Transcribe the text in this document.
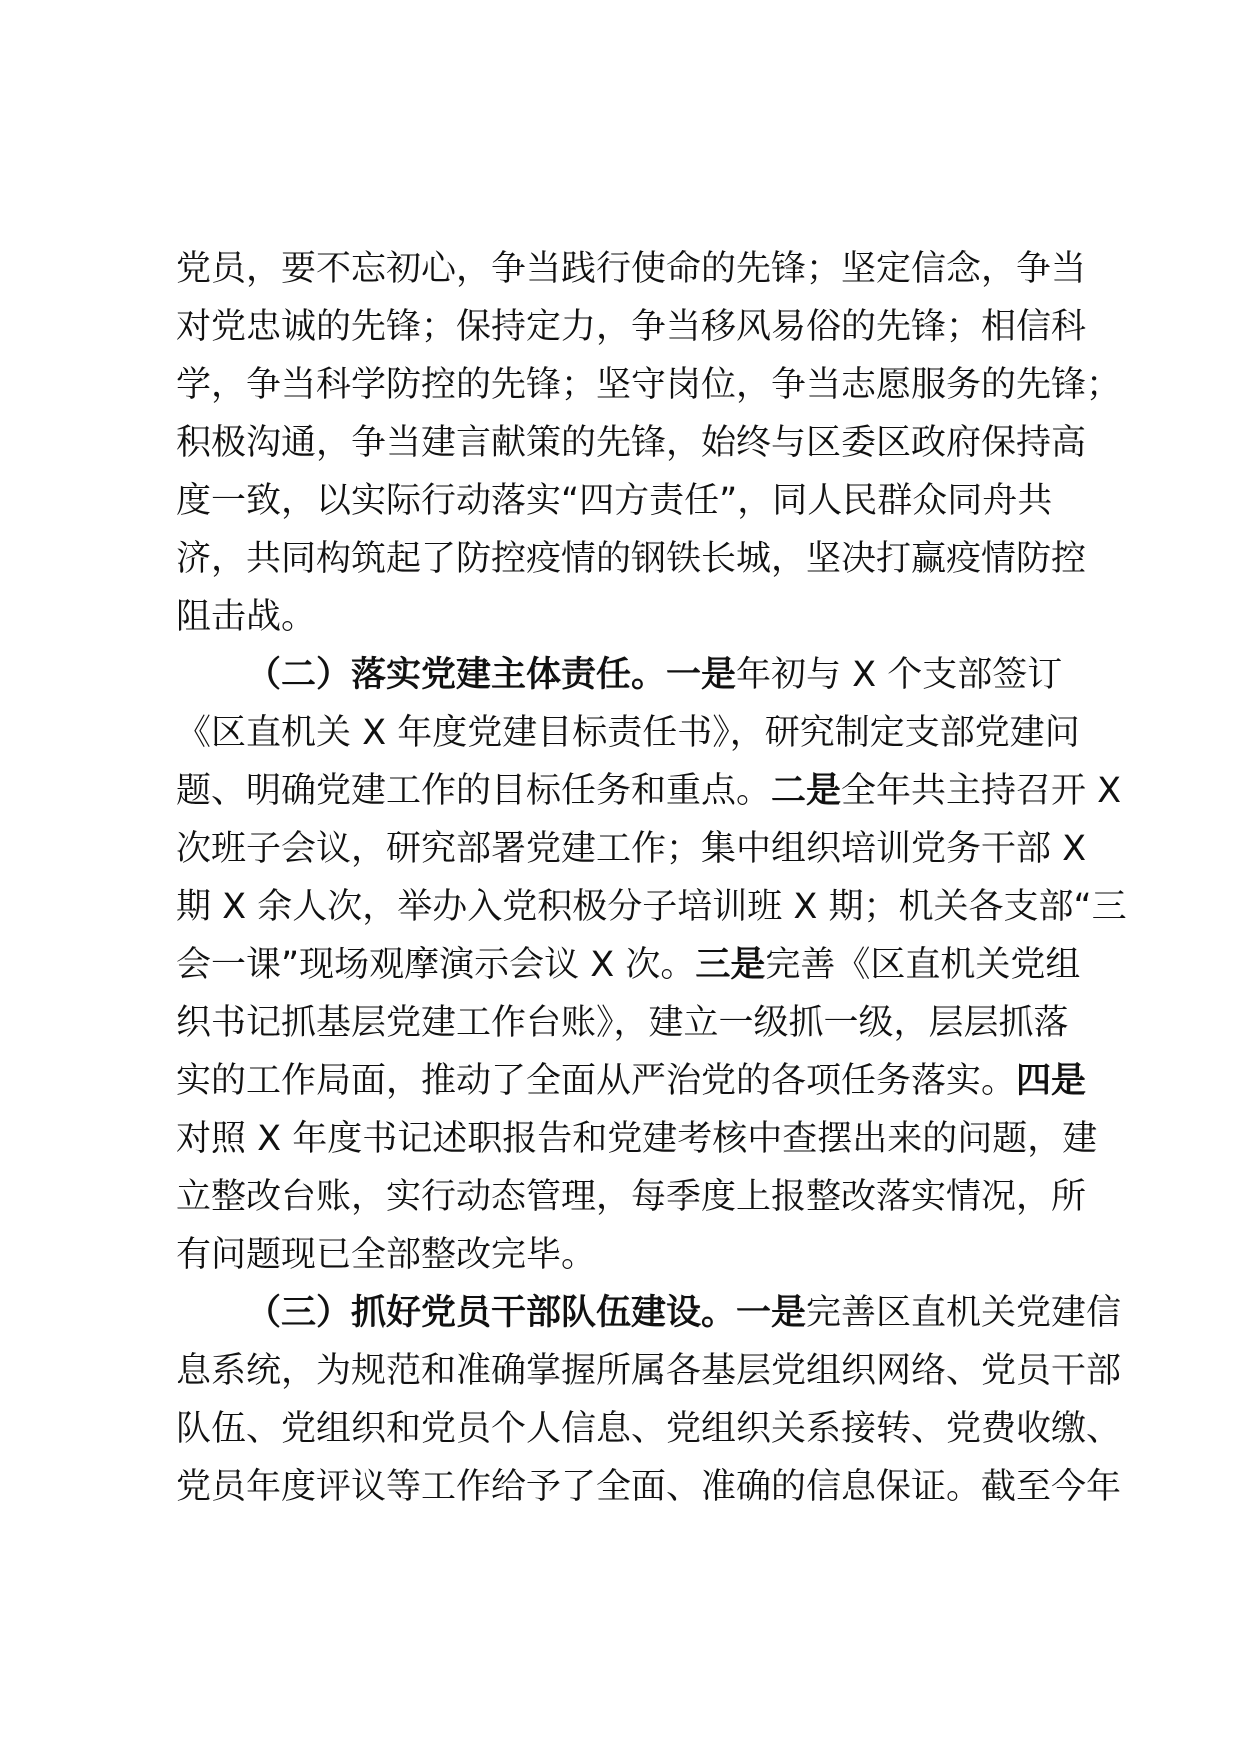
党员，要不忘初心，争当践行使命的先锋；坚定信念，争当
对党忠诚的先锋；保持定力，争当移风易俗的先锋；相信科
学，争当科学防控的先锋；坚守岗位，争当志愿服务的先锋；
积极沟通，争当建言献策的先锋，始终与区委区政府保持高
度一致，以实际行动落实“四方责任”，同人民群众同舟共
济，共同构筑起了防控疫情的钢铁长城，坚决打赢疫情防控
阻击战。
（二）落实党建主体责任。一是年初与 X 个支部签订
《区直机关 X 年度党建目标责任书》，研究制定支部党建问
题、明确党建工作的目标任务和重点。二是全年共主持召开 X
次班子会议，研究部署党建工作；集中组织培训党务干部 X
期 X 余人次，举办入党积极分子培训班 X 期；机关各支部“三
会一课”现场观摩演示会议 X 次。三是完善《区直机关党组
织书记抓基层党建工作台账》，建立一级抓一级，层层抓落
实的工作局面，推动了全面从严治党的各项任务落实。四是
对照 X 年度书记述职报告和党建考核中查摆出来的问题，建
立整改台账，实行动态管理，每季度上报整改落实情况，所
有问题现已全部整改完毕。
（三）抓好党员干部队伍建设。一是完善区直机关党建信
息系统，为规范和准确掌握所属各基层党组织网络、党员干部
队伍、党组织和党员个人信息、党组织关系接转、党费收缴、
党员年度评议等工作给予了全面、准确的信息保证。截至今年
